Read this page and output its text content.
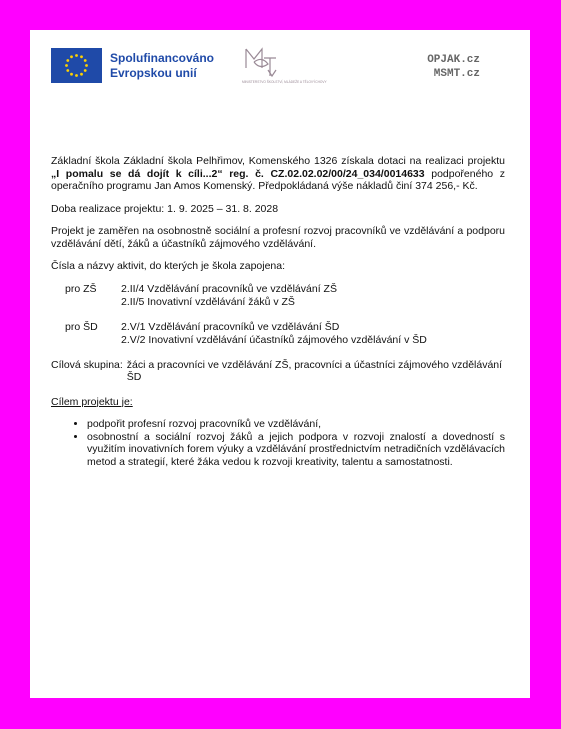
Spolufinancováno
Evropskou unií
MINISTERSTVO ŠKOLSTVÍ, MLÁDEŽE A TĚLOVÝCHOVY
OPJAK.cz
MSMT.cz

Základní škola Základní škola Pelhřimov, Komenského 1326 získala dotaci na realizaci projektu „I pomalu se dá dojít k cíli...2“ reg. č. CZ.02.02.02/00/24_034/0014633 podpořeného z operačního programu Jan Amos Komenský. Předpokládaná výše nákladů činí 374 256,- Kč.

Doba realizace projektu: 1. 9. 2025 – 31. 8. 2028

Projekt je zaměřen na osobnostně sociální a profesní rozvoj pracovníků ve vzdělávání a podporu vzdělávání dětí, žáků a účastníků zájmového vzdělávání.

Čísla a názvy aktivit, do kterých je škola zapojena:

pro ZŠ	2.II/4 Vzdělávání pracovníků ve vzdělávání ZŠ
2.II/5 Inovativní vzdělávání žáků v ZŠ
pro ŠD	2.V/1 Vzdělávání pracovníků ve vzdělávání ŠD
2.V/2 Inovativní vzdělávání účastníků zájmového vzdělávání v ŠD
Cílová skupina: žáci a pracovníci ve vzdělávání ZŠ, pracovníci a účastníci zájmového vzdělávání ŠD

Cílem projektu je:

• podpořit profesní rozvoj pracovníků ve vzdělávání,
• osobnostní a sociální rozvoj žáků a jejich podpora v rozvoji znalostí a dovedností s využitím inovativních forem výuky a vzdělávání prostřednictvím netradičních vzdělávacích metod a strategií, které žáka vedou k rozvoji kreativity, talentu a samostatnosti.
